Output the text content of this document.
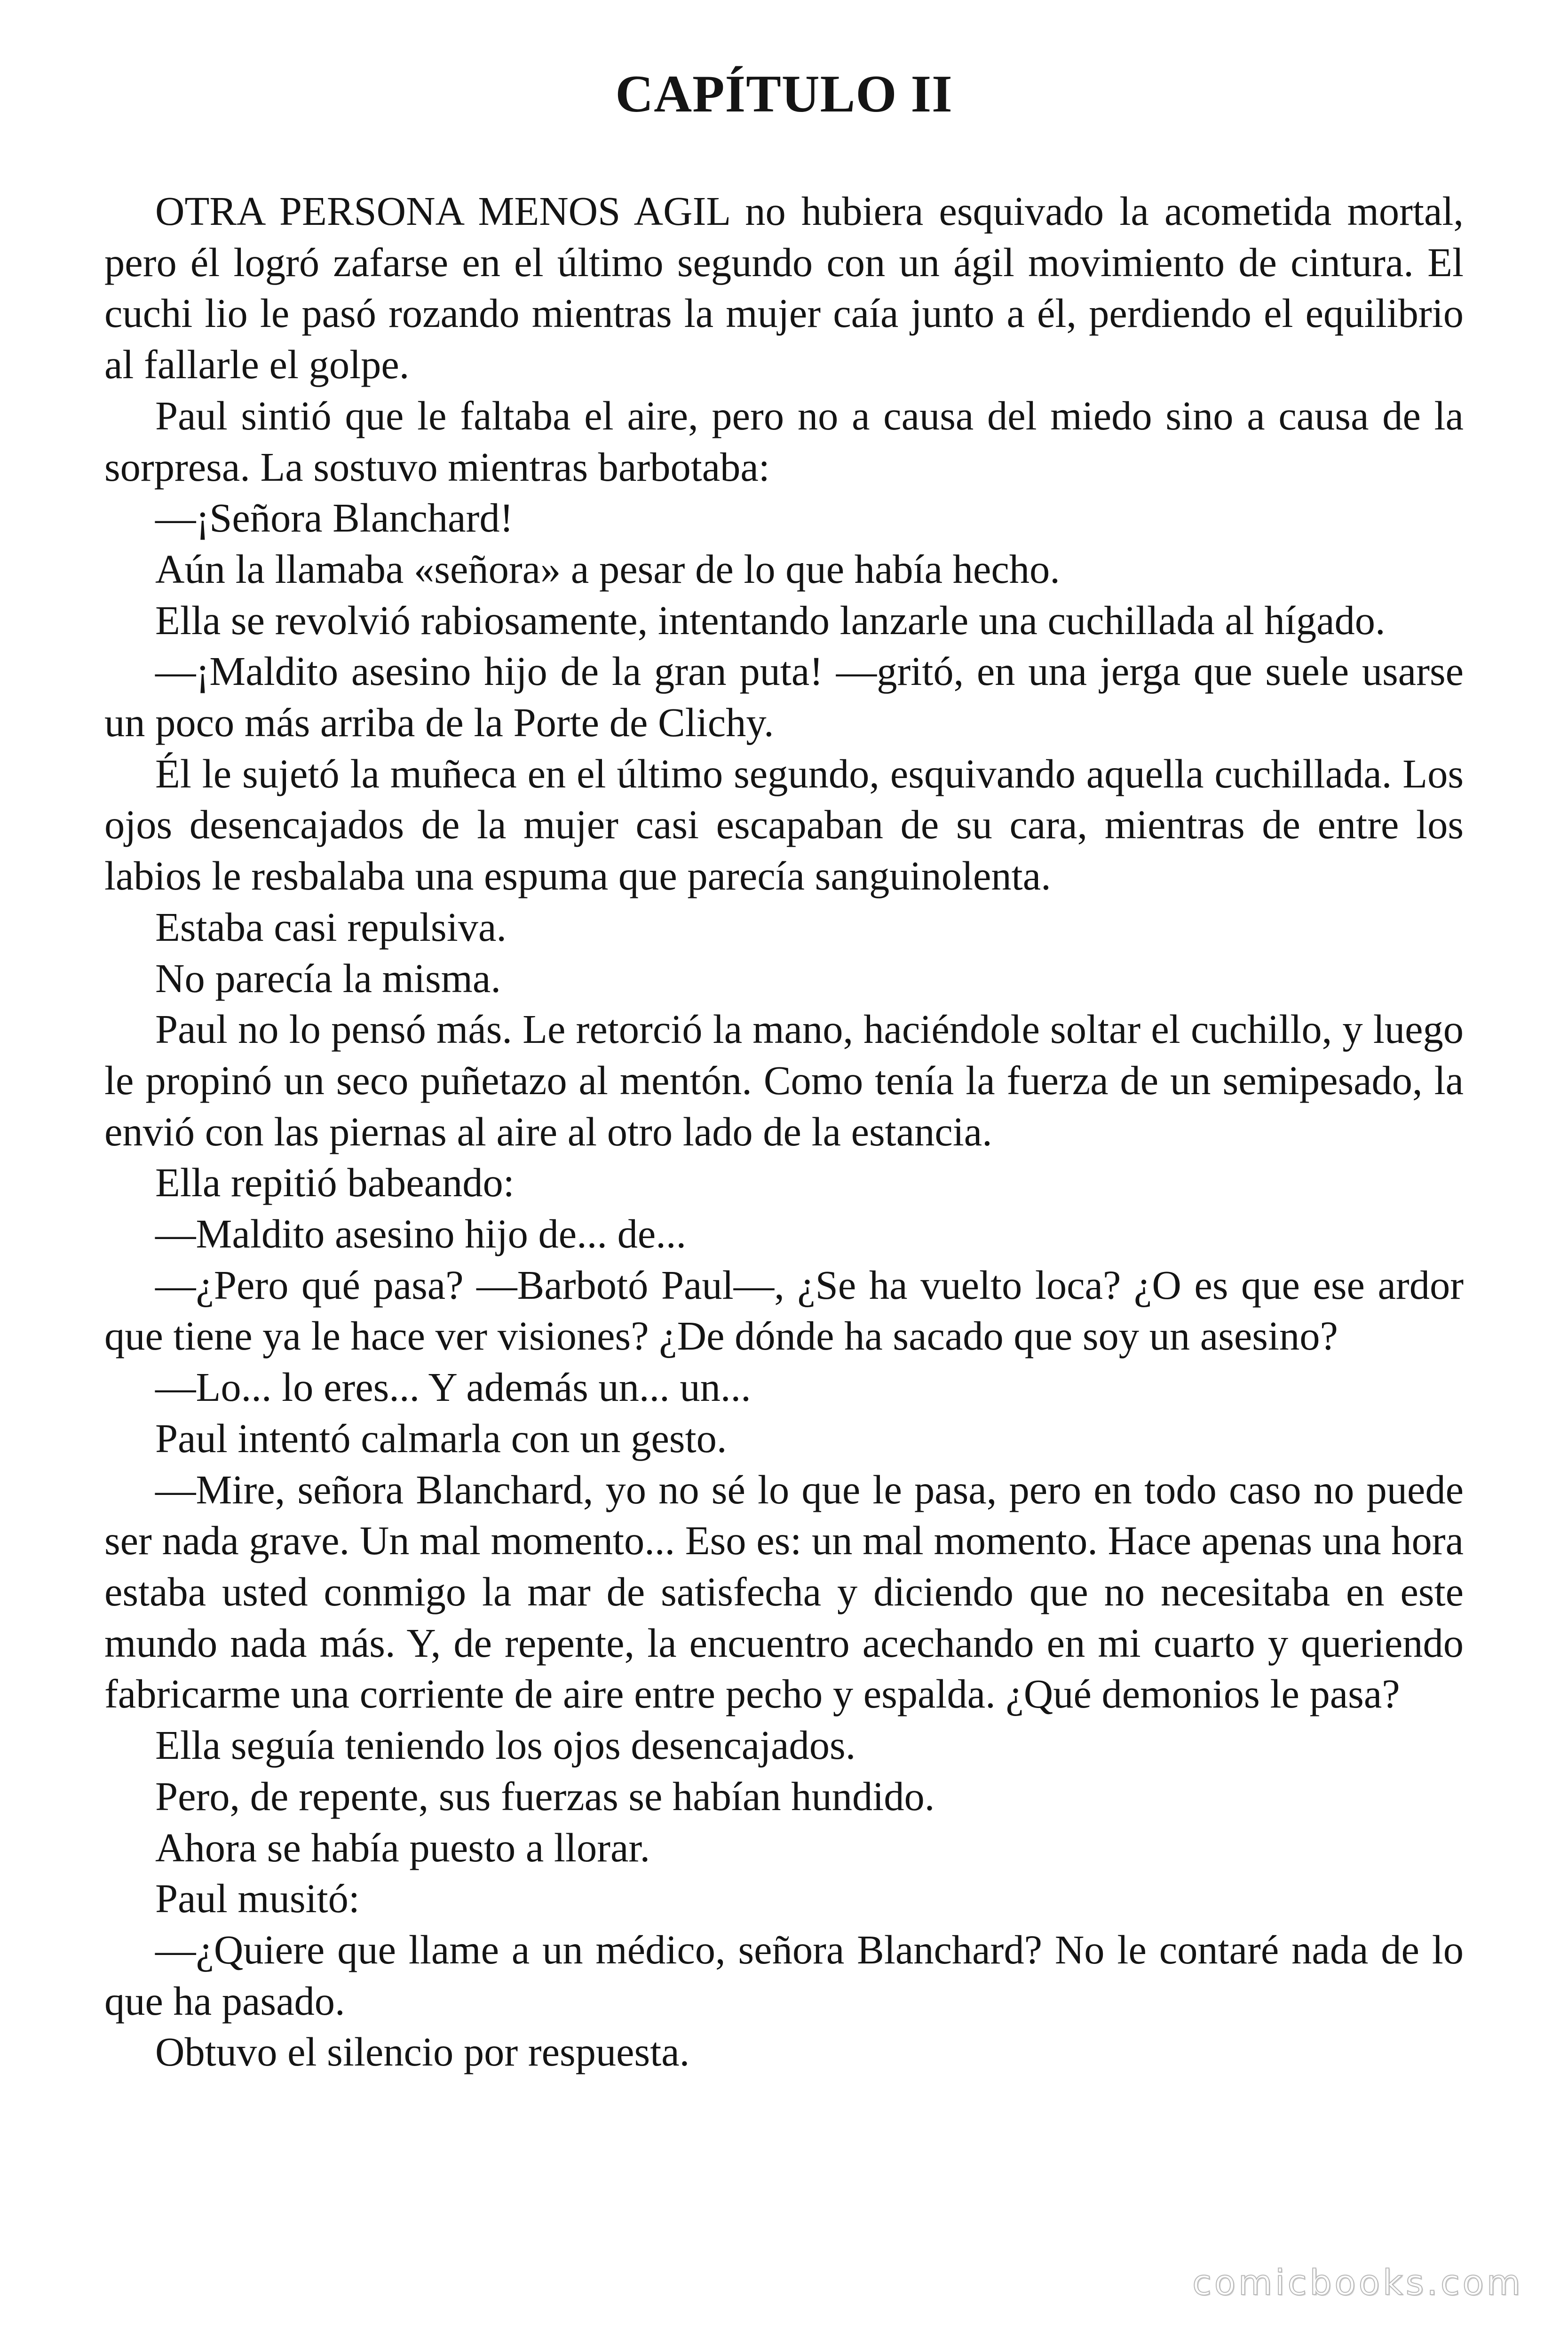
CAPÍTULO II

OTRA PERSONA MENOS AGIL no hubiera esquivado la acometida mortal, pero él logró zafarse en el último segundo con un ágil movimiento de cintura. El cuchi lio le pasó rozando mientras la mujer caía junto a él, perdiendo el equilibrio al fallarle el golpe.

Paul sintió que le faltaba el aire, pero no a causa del miedo sino a causa de la sorpresa. La sostuvo mientras barbotaba:

—¡Señora Blanchard!

Aún la llamaba «señora» a pesar de lo que había hecho.

Ella se revolvió rabiosamente, intentando lanzarle una cuchillada al hígado.

—¡Maldito asesino hijo de la gran puta! —gritó, en una jerga que suele usarse un poco más arriba de la Porte de Clichy.

Él le sujetó la muñeca en el último segundo, esquivando aquella cuchillada. Los ojos desencajados de la mujer casi escapaban de su cara, mientras de entre los labios le resbalaba una espuma que parecía sanguinolenta.

Estaba casi repulsiva.

No parecía la misma.

Paul no lo pensó más. Le retorció la mano, haciéndole soltar el cuchillo, y luego le propinó un seco puñetazo al mentón. Como tenía la fuerza de un semipesado, la envió con las piernas al aire al otro lado de la estancia.

Ella repitió babeando:

—Maldito asesino hijo de... de...

—¿Pero qué pasa? —Barbotó Paul—, ¿Se ha vuelto loca? ¿O es que ese ardor que tiene ya le hace ver visiones? ¿De dónde ha sacado que soy un asesino?

—Lo... lo eres... Y además un... un...

Paul intentó calmarla con un gesto.

—Mire, señora Blanchard, yo no sé lo que le pasa, pero en todo caso no puede ser nada grave. Un mal momento... Eso es: un mal momento. Hace apenas una hora estaba usted conmigo la mar de satisfecha y diciendo que no necesitaba en este mundo nada más. Y, de repente, la encuentro acechando en mi cuarto y queriendo fabricarme una corriente de aire entre pecho y espalda. ¿Qué demonios le pasa?

Ella seguía teniendo los ojos desencajados.

Pero, de repente, sus fuerzas se habían hundido.

Ahora se había puesto a llorar.

Paul musitó:

—¿Quiere que llame a un médico, señora Blanchard? No le contaré nada de lo que ha pasado.

Obtuvo el silencio por respuesta.

comicbooks.com
